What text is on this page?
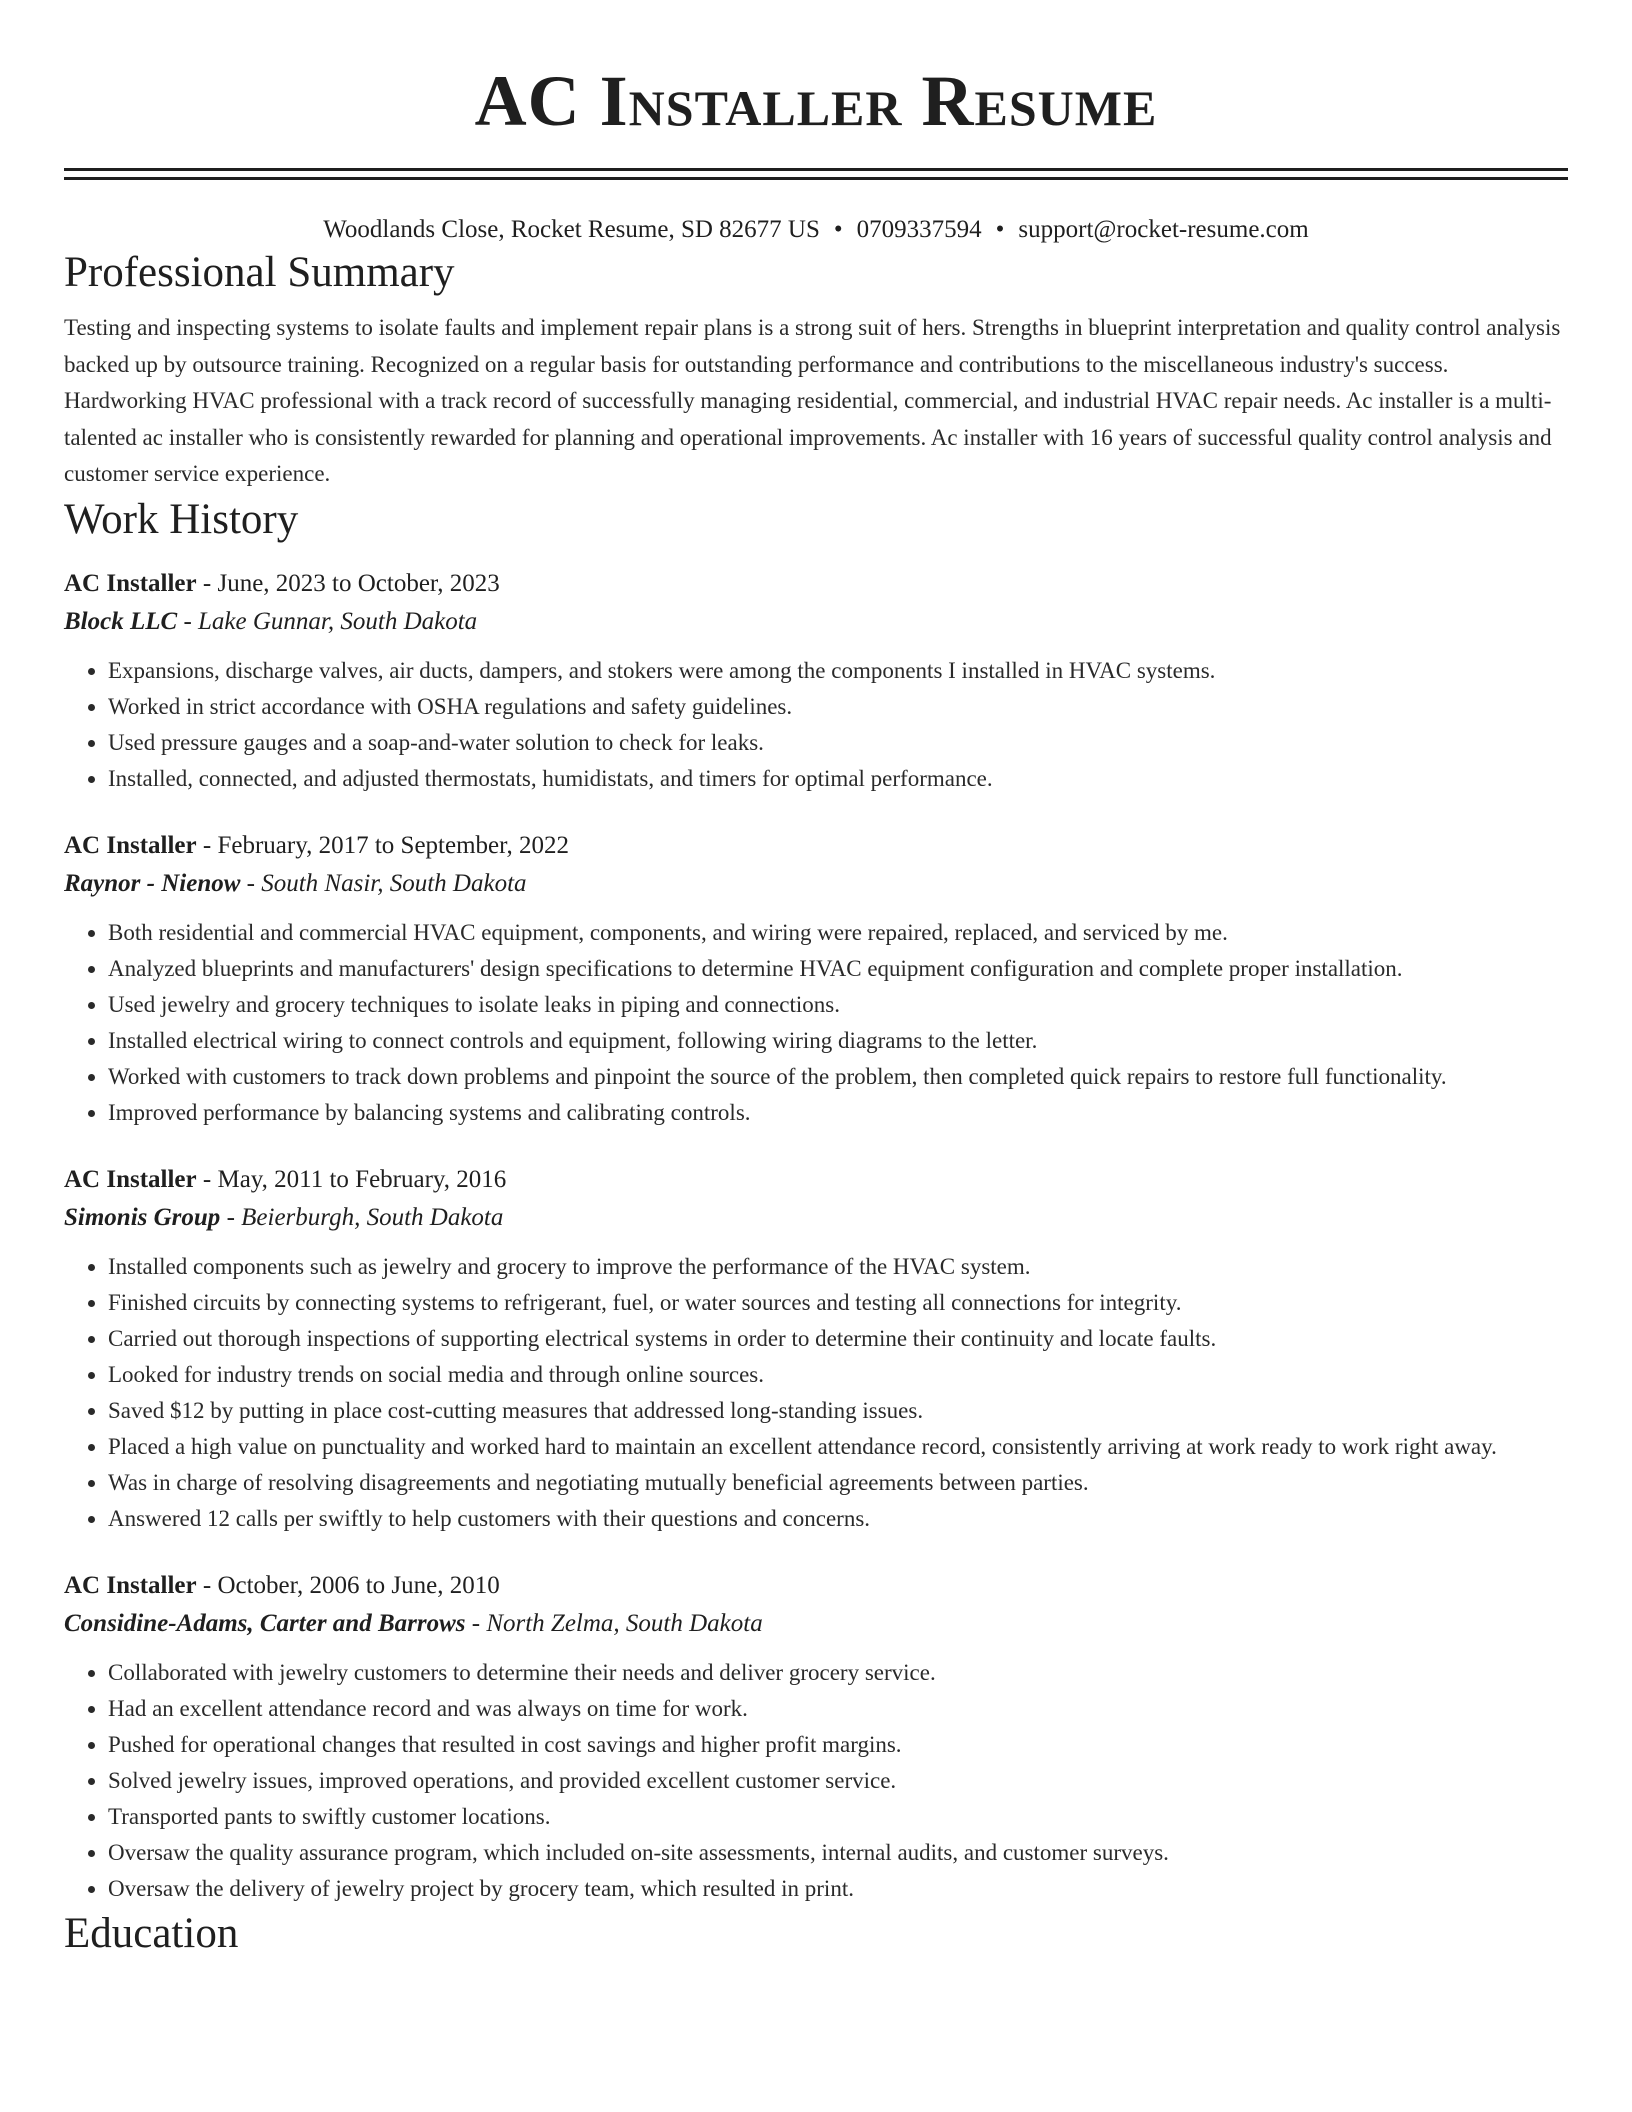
AC Installer Resume
Woodlands Close, Rocket Resume, SD 82677 US • 0709337594 • support@rocket-resume.com
Professional Summary

Testing and inspecting systems to isolate faults and implement repair plans is a strong suit of hers. Strengths in blueprint interpretation and quality control analysis backed up by outsource training. Recognized on a regular basis for outstanding performance and contributions to the miscellaneous industry's success. Hardworking HVAC professional with a track record of successfully managing residential, commercial, and industrial HVAC repair needs. Ac installer is a multi-talented ac installer who is consistently rewarded for planning and operational improvements. Ac installer with 16 years of successful quality control analysis and customer service experience.

Work History
AC Installer - June, 2023 to October, 2023
Block LLC - Lake Gunnar, South Dakota
• Expansions, discharge valves, air ducts, dampers, and stokers were among the components I installed in HVAC systems.
• Worked in strict accordance with OSHA regulations and safety guidelines.
• Used pressure gauges and a soap-and-water solution to check for leaks.
• Installed, connected, and adjusted thermostats, humidistats, and timers for optimal performance.
AC Installer - February, 2017 to September, 2022
Raynor - Nienow - South Nasir, South Dakota
• Both residential and commercial HVAC equipment, components, and wiring were repaired, replaced, and serviced by me.
• Analyzed blueprints and manufacturers' design specifications to determine HVAC equipment configuration and complete proper installation.
• Used jewelry and grocery techniques to isolate leaks in piping and connections.
• Installed electrical wiring to connect controls and equipment, following wiring diagrams to the letter.
• Worked with customers to track down problems and pinpoint the source of the problem, then completed quick repairs to restore full functionality.
• Improved performance by balancing systems and calibrating controls.
AC Installer - May, 2011 to February, 2016
Simonis Group - Beierburgh, South Dakota
• Installed components such as jewelry and grocery to improve the performance of the HVAC system.
• Finished circuits by connecting systems to refrigerant, fuel, or water sources and testing all connections for integrity.
• Carried out thorough inspections of supporting electrical systems in order to determine their continuity and locate faults.
• Looked for industry trends on social media and through online sources.
• Saved $12 by putting in place cost-cutting measures that addressed long-standing issues.
• Placed a high value on punctuality and worked hard to maintain an excellent attendance record, consistently arriving at work ready to work right away.
• Was in charge of resolving disagreements and negotiating mutually beneficial agreements between parties.
• Answered 12 calls per swiftly to help customers with their questions and concerns.
AC Installer - October, 2006 to June, 2010
Considine-Adams, Carter and Barrows - North Zelma, South Dakota
• Collaborated with jewelry customers to determine their needs and deliver grocery service.
• Had an excellent attendance record and was always on time for work.
• Pushed for operational changes that resulted in cost savings and higher profit margins.
• Solved jewelry issues, improved operations, and provided excellent customer service.
• Transported pants to swiftly customer locations.
• Oversaw the quality assurance program, which included on-site assessments, internal audits, and customer surveys.
• Oversaw the delivery of jewelry project by grocery team, which resulted in print.
Education
